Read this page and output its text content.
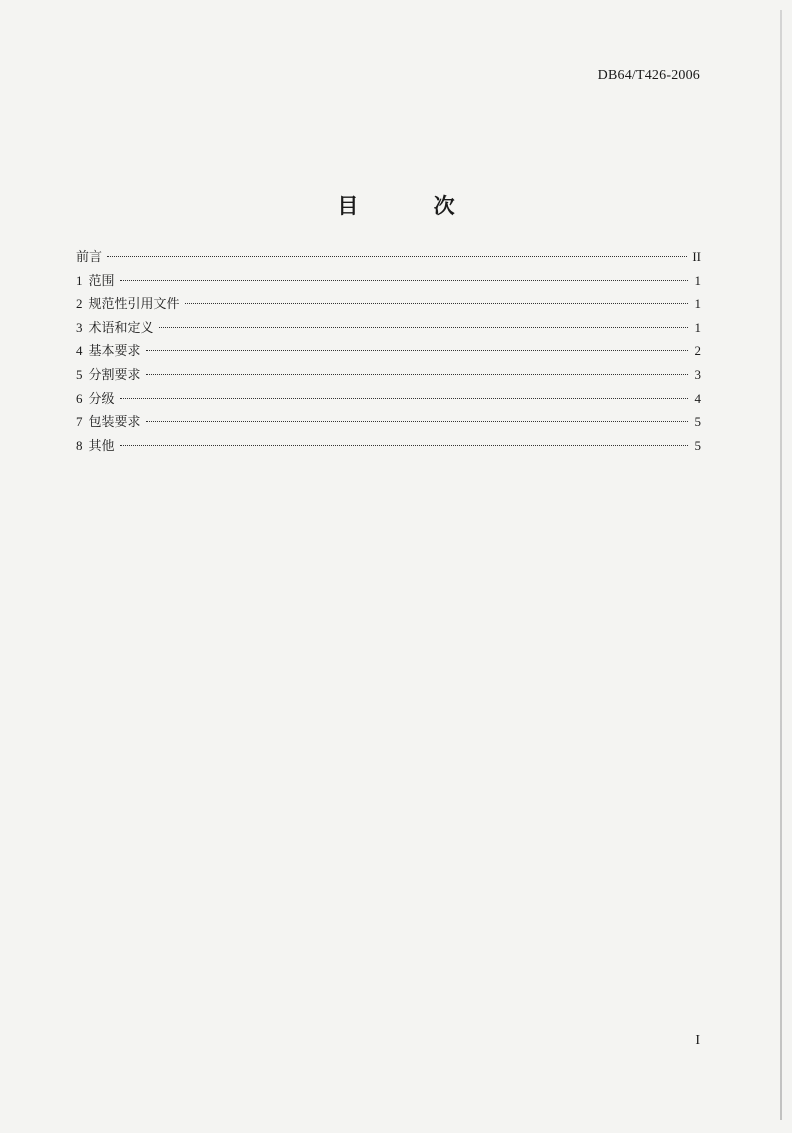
DB64/T426-2006
目 次
前言	II
1 范围	1
2 规范性引用文件	1
3 术语和定义	1
4 基本要求	2
5 分割要求	3
6 分级	4
7 包装要求	5
8 其他	5
I
